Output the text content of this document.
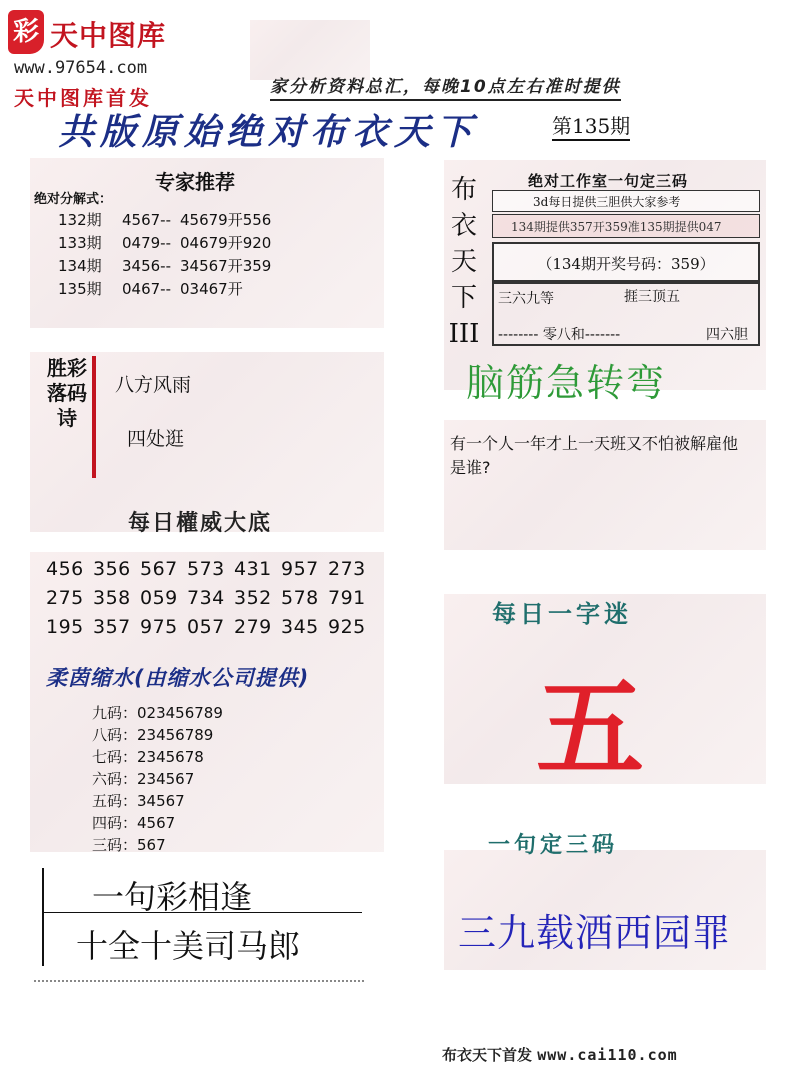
彩 天中图库
www.97654.com
天中图库首发	家分析资料总汇，每晚10点左右准时提供
共版原始绝对布衣天下	第135期
专家推荐
绝对分解式：
132期 4567-- 45679开556
133期 0479-- 04679开920
134期 3456-- 34567开359
135期 0467-- 03467开
胜彩落码诗
八方风雨
四处逛
每日權威大底
456 356 567 573 431 957 273
275 358 059 734 352 578 791
195 357 975 057 279 345 925
柔茵缩水(由缩水公司提供)
九码：023456789
八码：23456789
七码：2345678
六码：234567
五码：34567
四码：4567
三码：567
一句彩相逢
十全十美司马郎
布衣天下III
绝对工作室一句定三码
3d每日提供三胆供大家参考
134期提供357开359准135期提供047
（134期开奖号码：359）
三六九等	捱三顶五
-------- 零八和-------	四六胆
脑筋急转弯
有一个人一年才上一天班又不怕被解雇他是谁?
每日一字迷
五
一句定三码
三九载酒西园罪
布衣天下首发 www.cai110.com
